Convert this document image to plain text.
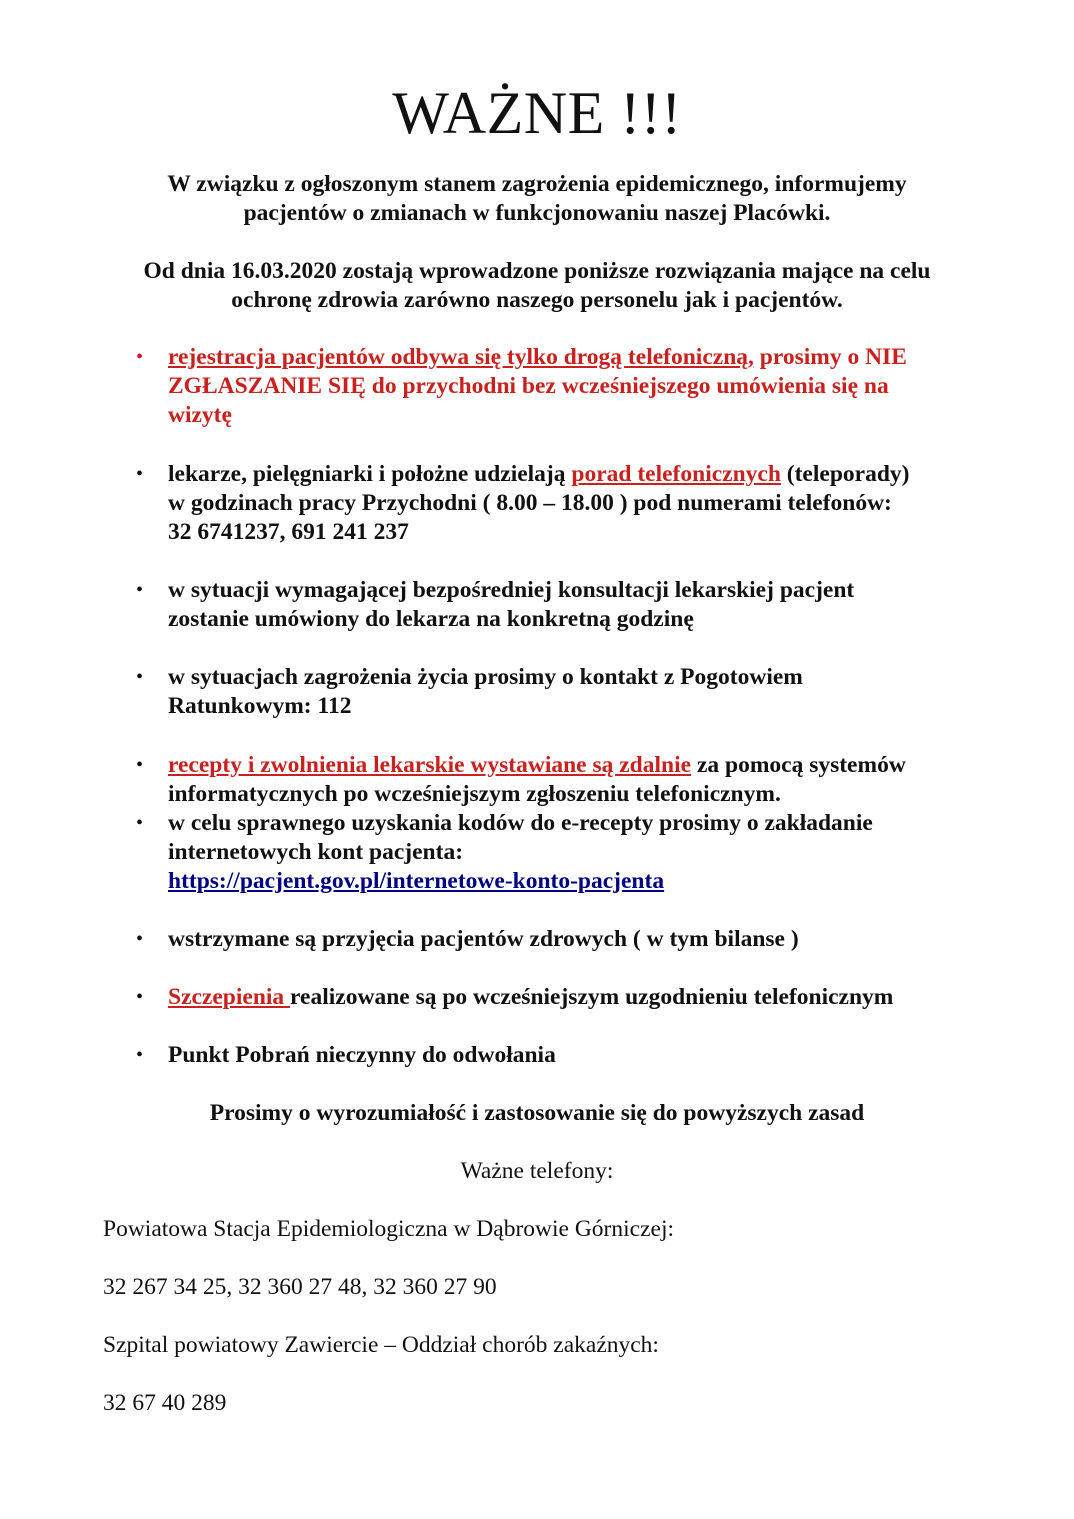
WAŻNE !!!
W związku z ogłoszonym stanem zagrożenia epidemicznego, informujemy
pacjentów o zmianach w funkcjonowaniu naszej Placówki.
Od dnia 16.03.2020 zostają wprowadzone poniższe rozwiązania mające na celu
ochronę zdrowia zarówno naszego personelu jak i pacjentów.
• rejestracja pacjentów odbywa się tylko drogą telefoniczną, prosimy o NIE
ZGŁASZANIE SIĘ do przychodni bez wcześniejszego umówienia się na
wizytę
• lekarze, pielęgniarki i położne udzielają porad telefonicznych (teleporady)
w godzinach pracy Przychodni ( 8.00 – 18.00 ) pod numerami telefonów:
32 6741237, 691 241 237
• w sytuacji wymagającej bezpośredniej konsultacji lekarskiej pacjent
zostanie umówiony do lekarza na konkretną godzinę
• w sytuacjach zagrożenia życia prosimy o kontakt z Pogotowiem
Ratunkowym: 112
• recepty i zwolnienia lekarskie wystawiane są zdalnie za pomocą systemów
informatycznych po wcześniejszym zgłoszeniu telefonicznym.
• w celu sprawnego uzyskania kodów do e-recepty prosimy o zakładanie
internetowych kont pacjenta:
https://pacjent.gov.pl/internetowe-konto-pacjenta
• wstrzymane są przyjęcia pacjentów zdrowych ( w tym bilanse )
• Szczepienia realizowane są po wcześniejszym uzgodnieniu telefonicznym
• Punkt Pobrań nieczynny do odwołania
Prosimy o wyrozumiałość i zastosowanie się do powyższych zasad
Ważne telefony:
Powiatowa Stacja Epidemiologiczna w Dąbrowie Górniczej:
32 267 34 25, 32 360 27 48, 32 360 27 90
Szpital powiatowy Zawiercie – Oddział chorób zakaźnych:
32 67 40 289
